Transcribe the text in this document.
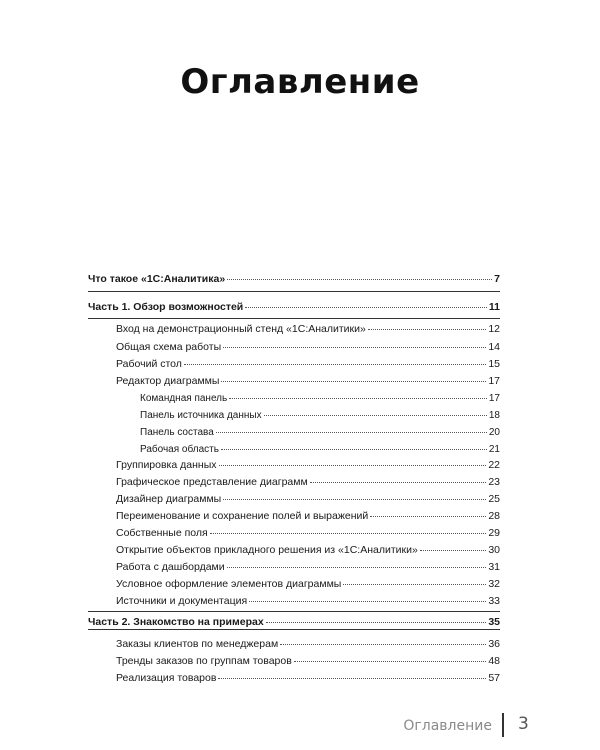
Оглавление
Что такое «1С:Аналитика»	7
Часть 1. Обзор возможностей	11
Вход на демонстрационный стенд «1С:Аналитики»	12
Общая схема работы	14
Рабочий стол	15
Редактор диаграммы	17
Командная панель	17
Панель источника данных	18
Панель состава	20
Рабочая область	21
Группировка данных	22
Графическое представление диаграмм	23
Дизайнер диаграммы	25
Переименование и сохранение полей и выражений	28
Собственные поля	29
Открытие объектов прикладного решения из «1С:Аналитики»	30
Работа с дашбордами	31
Условное оформление элементов диаграммы	32
Источники и документация	33
Часть 2. Знакомство на примерах	35
Заказы клиентов по менеджерам	36
Тренды заказов по группам товаров	48
Реализация товаров	57
Оглавление 3
